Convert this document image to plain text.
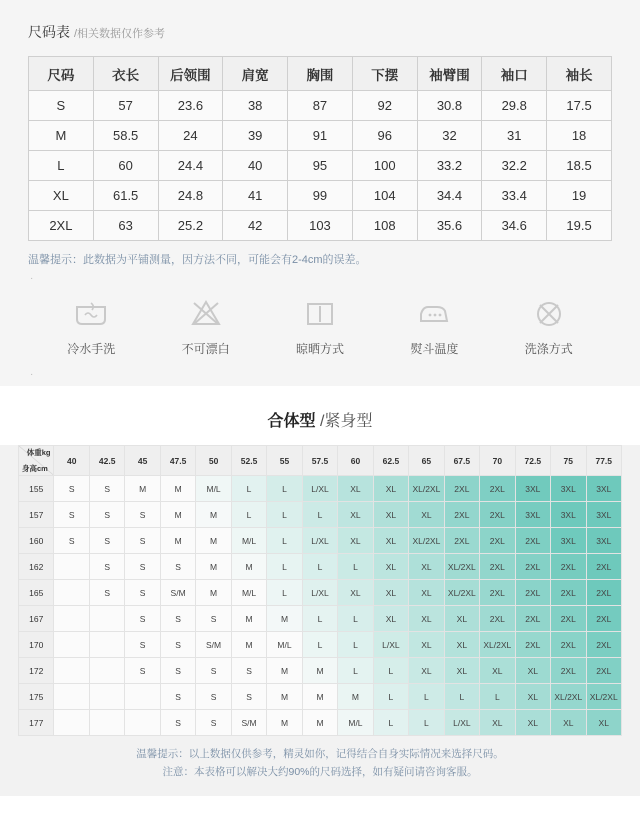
尺码表 /相关数据仅作参考
尺码	衣长	后领围	肩宽	胸围	下摆	袖臂围	袖口	袖长
S	57	23.6	38	87	92	30.8	29.8	17.5
M	58.5	24	39	91	96	32	31	18
L	60	24.4	40	95	100	33.2	32.2	18.5
XL	61.5	24.8	41	99	104	34.4	33.4	19
2XL	63	25.2	42	103	108	35.6	34.6	19.5
温馨提示：此数据为平铺测量，因方法不同，可能会有2-4cm的误差。
·
冷水手洗	不可漂白	晾晒方式	熨斗温度	洗涤方式
·
合体型 /紧身型
体重kg
身高cm	40	42.5	45	47.5	50	52.5	55	57.5	60	62.5	65	67.5	70	72.5	75	77.5
155	S	S	M	M	M/L	L	L	L/XL	XL	XL	XL/2XL	2XL	2XL	3XL	3XL	3XL
157	S	S	S	M	M	L	L	L	XL	XL	XL	2XL	2XL	3XL	3XL	3XL
160	S	S	S	M	M	M/L	L	L/XL	XL	XL	XL/2XL	2XL	2XL	2XL	3XL	3XL
162		S	S	S	M	M	L	L	L	XL	XL	XL/2XL	2XL	2XL	2XL	2XL
165		S	S	S/M	M	M/L	L	L/XL	XL	XL	XL	XL/2XL	2XL	2XL	2XL	2XL
167			S	S	S	M	M	L	L	XL	XL	XL	2XL	2XL	2XL	2XL
170			S	S	S/M	M	M/L	L	L	L/XL	XL	XL	XL/2XL	2XL	2XL	2XL
172			S	S	S	S	M	M	L	L	XL	XL	XL	XL	2XL	2XL
175				S	S	S	M	M	M	L	L	L	L	XL	XL/2XL	XL/2XL
177				S	S	S/M	M	M	M/L	L	L	L/XL	XL	XL	XL	XL
温馨提示：以上数据仅供参考，精灵如你，记得结合自身实际情况来选择尺码。
注意：本表格可以解决大约90%的尺码选择，如有疑问请咨询客服。
